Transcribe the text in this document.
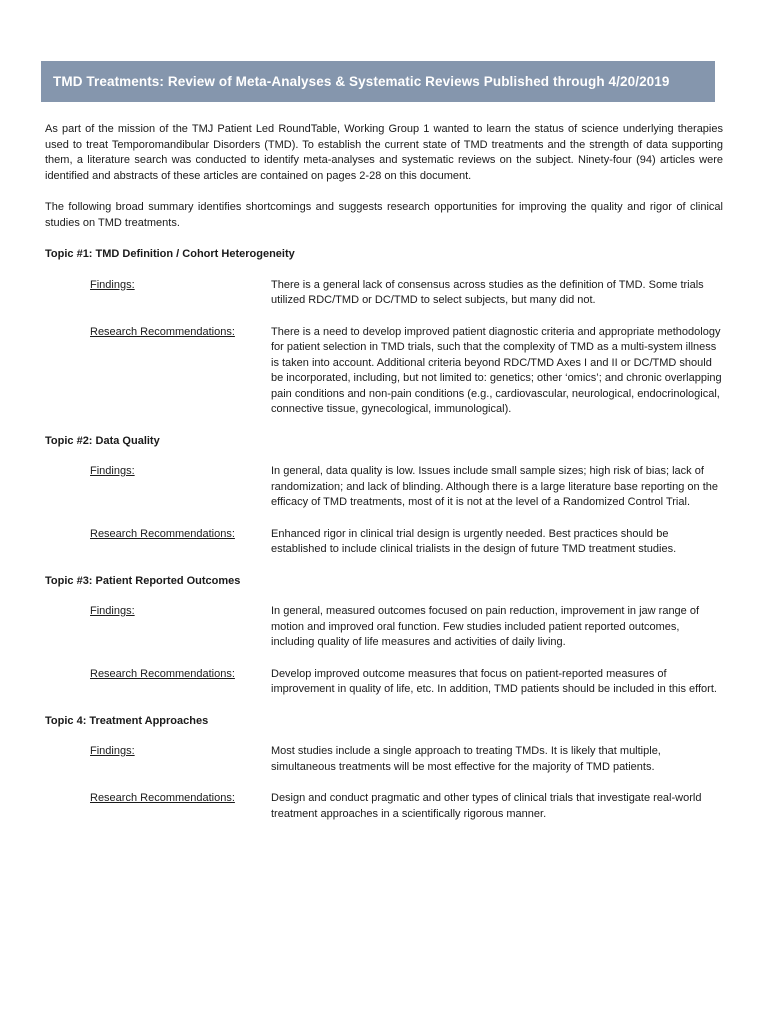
TMD Treatments: Review of Meta-Analyses & Systematic Reviews Published through 4/20/2019

As part of the mission of the TMJ Patient Led RoundTable, Working Group 1 wanted to learn the status of science underlying therapies used to treat Temporomandibular Disorders (TMD). To establish the current state of TMD treatments and the strength of data supporting them, a literature search was conducted to identify meta-analyses and systematic reviews on the subject. Ninety-four (94) articles were identified and abstracts of these articles are contained on pages 2-28 on this document.

The following broad summary identifies shortcomings and suggests research opportunities for improving the quality and rigor of clinical studies on TMD treatments.

Topic #1: TMD Definition / Cohort Heterogeneity
Findings:	There is a general lack of consensus across studies as the definition of TMD. Some trials utilized RDC/TMD or DC/TMD to select subjects, but many did not.
Research Recommendations:	There is a need to develop improved patient diagnostic criteria and appropriate methodology for patient selection in TMD trials, such that the complexity of TMD as a multi-system illness is taken into account. Additional criteria beyond RDC/TMD Axes I and II or DC/TMD should be incorporated, including, but not limited to: genetics; other ‘omics’; and chronic overlapping pain conditions and non-pain conditions (e.g., cardiovascular, neurological, endocrinological, connective tissue, gynecological, immunological).
Topic #2: Data Quality
Findings:	In general, data quality is low. Issues include small sample sizes; high risk of bias; lack of randomization; and lack of blinding. Although there is a large literature base reporting on the efficacy of TMD treatments, most of it is not at the level of a Randomized Control Trial.
Research Recommendations:	Enhanced rigor in clinical trial design is urgently needed. Best practices should be established to include clinical trialists in the design of future TMD treatment studies.
Topic #3: Patient Reported Outcomes
Findings:	In general, measured outcomes focused on pain reduction, improvement in jaw range of motion and improved oral function. Few studies included patient reported outcomes, including quality of life measures and activities of daily living.
Research Recommendations:	Develop improved outcome measures that focus on patient-reported measures of improvement in quality of life, etc. In addition, TMD patients should be included in this effort.
Topic 4: Treatment Approaches
Findings:	Most studies include a single approach to treating TMDs. It is likely that multiple, simultaneous treatments will be most effective for the majority of TMD patients.
Research Recommendations:	Design and conduct pragmatic and other types of clinical trials that investigate real-world treatment approaches in a scientifically rigorous manner.
